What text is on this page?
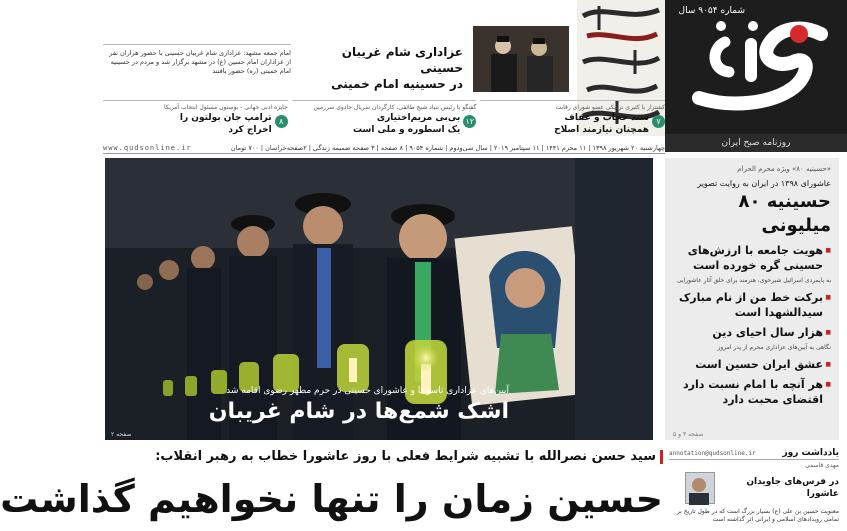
شماره ۹۰۵۴ سال
روزنامه صبح ایران
عزاداری شام غریبان حسینی
در حسینیه امام خمینی
امام جمعه مشهد: عزاداری شام غریبان حسینی با حضور هزاران نفر از عزاداران امام حسین (ع) در مشهد برگزار شد و مردم در حسینیه امام خمینی (ره) حضور یافتند
کشتزار با کثیری نزدیکی عضو شورای رقابت
سند حجاب و عفاف
همچنان نیازمند اصلاح
۷
گفتگو با رئیس بنیاد شیخ طائفی، کارگردان سریال جادوی سرزمین
بی‌بی مریم‌اختیاری
یک اسطوره و ملی است
۱۲
جایزه ادبی جهانی - بوستون مسئول انتخاب آمریکا
ترامپ جان بولتون را
اخراج کرد
۸
چهارشنبه ۲۰ شهریور ۱۳۹۸ | ۱۱ محرم ۱۴۴۱ | ۱۱ سپتامبر ۲۰۱۹ | سال سی‌ودوم | شماره ۹۰۵۴ | ۸ صفحه | ۳ صفحه ضمیمه زندگی | ۲صفحه‌خراسان | ۷۰۰ تومان
www.qudsonline.ir
آیین‌های عزاداری تاسوعا و عاشورای حسینی در حرم مطهر رضوی اقامه شد
اشک شمع‌ها در شام غریبان
صفحه ۲
«حسینیه ۸۰» ویژه محرم الحرام
عاشورای ۱۳۹۸ در ایران به روایت تصویر
حسینیه ۸۰ میلیونی
■ هویت جامعه با ارزش‌های حسینی گره خورده است
به پایمردی اسرائیل شیرخوی، هنرمند برای خلق آثار عاشورایی
■ برکت خط من از نام مبارک سیدالشهدا است
■ هزار سال احیای دین
نگاهی به آیین‌های عزاداری محرم از پدر امروز
■ عشق ایران حسین است
■ هر آنچه با امام نسبت دارد اقتضای محبت دارد
صفحه ۴ و ۵
سید حسن نصرالله با تشبیه شرایط فعلی با روز عاشورا خطاب به رهبر انقلاب:
حسین زمان را تنها نخواهیم گذاشت
یادداشت روز
annotation@qudsonline.ir
مهدی قاسمی
در فرس‌های جاویدان عاشورا
معنویت حسین بن علی (ع) بسیار بزرگ است که در طول تاریخ بر تمامی رویدادهای اسلامی و ایرانی اثر گذاشته است
